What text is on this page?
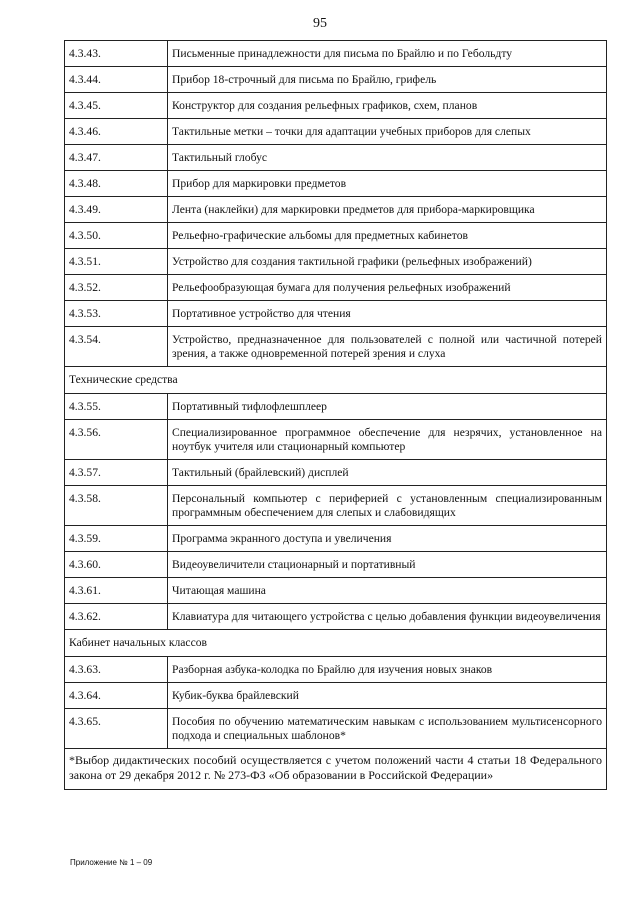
95
4.3.43.	Письменные принадлежности для письма по Брайлю и по Гебольдту
4.3.44.	Прибор 18-строчный для письма по Брайлю, грифель
4.3.45.	Конструктор для создания рельефных графиков, схем, планов
4.3.46.	Тактильные метки – точки для адаптации учебных приборов для слепых
4.3.47.	Тактильный глобус
4.3.48.	Прибор для маркировки предметов
4.3.49.	Лента (наклейки) для маркировки предметов для прибора-маркировщика
4.3.50.	Рельефно-графические альбомы для предметных кабинетов
4.3.51.	Устройство для создания тактильной графики (рельефных изображений)
4.3.52.	Рельефообразующая бумага для получения рельефных изображений
4.3.53.	Портативное устройство для чтения
4.3.54.	Устройство, предназначенное для пользователей с полной или частичной потерей зрения, а также одновременной потерей зрения и слуха
Технические средства	
4.3.55.	Портативный тифлофлешплеер
4.3.56.	Специализированное программное обеспечение для незрячих, установленное на ноутбук учителя или стационарный компьютер
4.3.57.	Тактильный (брайлевский) дисплей
4.3.58.	Персональный компьютер с периферией с установленным специализированным программным обеспечением для слепых и слабовидящих
4.3.59.	Программа экранного доступа и увеличения
4.3.60.	Видеоувеличители стационарный и портативный
4.3.61.	Читающая машина
4.3.62.	Клавиатура для читающего устройства с целью добавления функции видеоувеличения
Кабинет начальных классов	
4.3.63.	Разборная азбука-колодка по Брайлю для изучения новых знаков
4.3.64.	Кубик-буква брайлевский
4.3.65.	Пособия по обучению математическим навыкам с использованием мультисенсорного подхода и специальных шаблонов*
*Выбор дидактических пособий осуществляется с учетом положений части 4 статьи 18 Федерального закона от 29 декабря 2012 г. № 273-ФЗ «Об образовании в Российской Федерации»	
Приложение № 1 – 09
